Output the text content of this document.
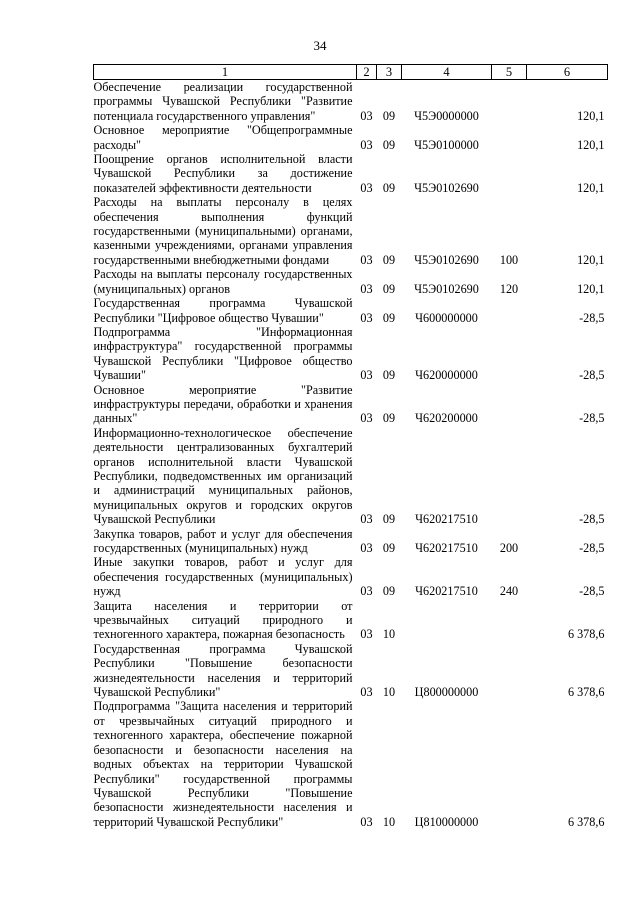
34
1	2	3	4	5	6
Обеспечение реализации государственной программы Чувашской Республики "Развитие потенциала государственного управления"	03	09	Ч5Э0000000		120,1
Основное мероприятие "Общепрограммные расходы"	03	09	Ч5Э0100000		120,1
Поощрение органов исполнительной власти Чувашской Республики за достижение показателей эффективности деятельности	03	09	Ч5Э0102690		120,1
Расходы на выплаты персоналу в целях обеспечения выполнения функций государственными (муниципальными) органами, казенными учреждениями, органами управления государственными внебюджетными фондами	03	09	Ч5Э0102690	100	120,1
Расходы на выплаты персоналу государственных (муниципальных) органов	03	09	Ч5Э0102690	120	120,1
Государственная программа Чувашской Республики "Цифровое общество Чувашии"	03	09	Ч600000000		-28,5
Подпрограмма "Информационная инфраструктура" государственной программы Чувашской Республики "Цифровое общество Чувашии"	03	09	Ч620000000		-28,5
Основное мероприятие "Развитие инфраструктуры передачи, обработки и хранения данных"	03	09	Ч620200000		-28,5
Информационно-технологическое обеспечение деятельности централизованных бухгалтерий органов исполнительной власти Чувашской Республики, подведомственных им организаций и администраций муниципальных районов, муниципальных округов и городских округов Чувашской Республики	03	09	Ч620217510		-28,5
Закупка товаров, работ и услуг для обеспечения государственных (муниципальных) нужд	03	09	Ч620217510	200	-28,5
Иные закупки товаров, работ и услуг для обеспечения государственных (муниципальных) нужд	03	09	Ч620217510	240	-28,5
Защита населения и территории от чрезвычайных ситуаций природного и техногенного характера, пожарная безопасность	03	10			6 378,6
Государственная программа Чувашской Республики "Повышение безопасности жизнедеятельности населения и территорий Чувашской Республики"	03	10	Ц800000000		6 378,6
Подпрограмма "Защита населения и территорий от чрезвычайных ситуаций природного и техногенного характера, обеспечение пожарной безопасности и безопасности населения на водных объектах на территории Чувашской Республики" государственной программы Чувашской Республики "Повышение безопасности жизнедеятельности населения и территорий Чувашской Республики"	03	10	Ц810000000		6 378,6
